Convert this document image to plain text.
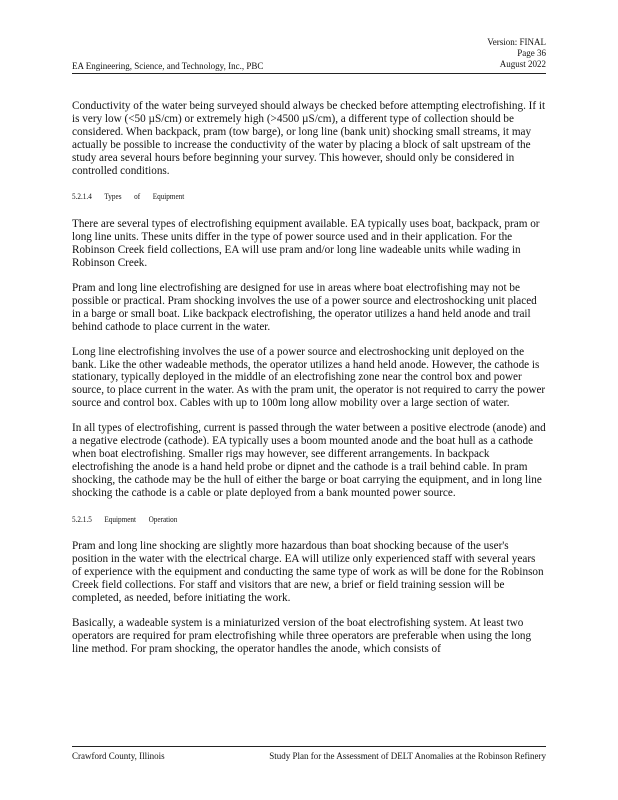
EA Engineering, Science, and Technology, Inc., PBC
Version: FINAL
Page 36
August 2022

Conductivity of the water being surveyed should always be checked before attempting electrofishing. If it is very low (<50 µS/cm) or extremely high (>4500 µS/cm), a different type of collection should be considered. When backpack, pram (tow barge), or long line (bank unit) shocking small streams, it may actually be possible to increase the conductivity of the water by placing a block of salt upstream of the study area several hours before beginning your survey. This however, should only be considered in controlled conditions.

5.2.1.4 Types of Equipment

There are several types of electrofishing equipment available. EA typically uses boat, backpack, pram or long line units. These units differ in the type of power source used and in their application. For the Robinson Creek field collections, EA will use pram and/or long line wadeable units while wading in Robinson Creek.

Pram and long line electrofishing are designed for use in areas where boat electrofishing may not be possible or practical. Pram shocking involves the use of a power source and electroshocking unit placed in a barge or small boat. Like backpack electrofishing, the operator utilizes a hand held anode and trail behind cathode to place current in the water.

Long line electrofishing involves the use of a power source and electroshocking unit deployed on the bank. Like the other wadeable methods, the operator utilizes a hand held anode. However, the cathode is stationary, typically deployed in the middle of an electrofishing zone near the control box and power source, to place current in the water. As with the pram unit, the operator is not required to carry the power source and control box. Cables with up to 100m long allow mobility over a large section of water.

In all types of electrofishing, current is passed through the water between a positive electrode (anode) and a negative electrode (cathode). EA typically uses a boom mounted anode and the boat hull as a cathode when boat electrofishing. Smaller rigs may however, see different arrangements. In backpack electrofishing the anode is a hand held probe or dipnet and the cathode is a trail behind cable. In pram shocking, the cathode may be the hull of either the barge or boat carrying the equipment, and in long line shocking the cathode is a cable or plate deployed from a bank mounted power source.

5.2.1.5 Equipment Operation

Pram and long line shocking are slightly more hazardous than boat shocking because of the user's position in the water with the electrical charge. EA will utilize only experienced staff with several years of experience with the equipment and conducting the same type of work as will be done for the Robinson Creek field collections. For staff and visitors that are new, a brief or field training session will be completed, as needed, before initiating the work.

Basically, a wadeable system is a miniaturized version of the boat electrofishing system. At least two operators are required for pram electrofishing while three operators are preferable when using the long line method. For pram shocking, the operator handles the anode, which consists of

Crawford County, Illinois	Study Plan for the Assessment of DELT Anomalies at the Robinson Refinery
